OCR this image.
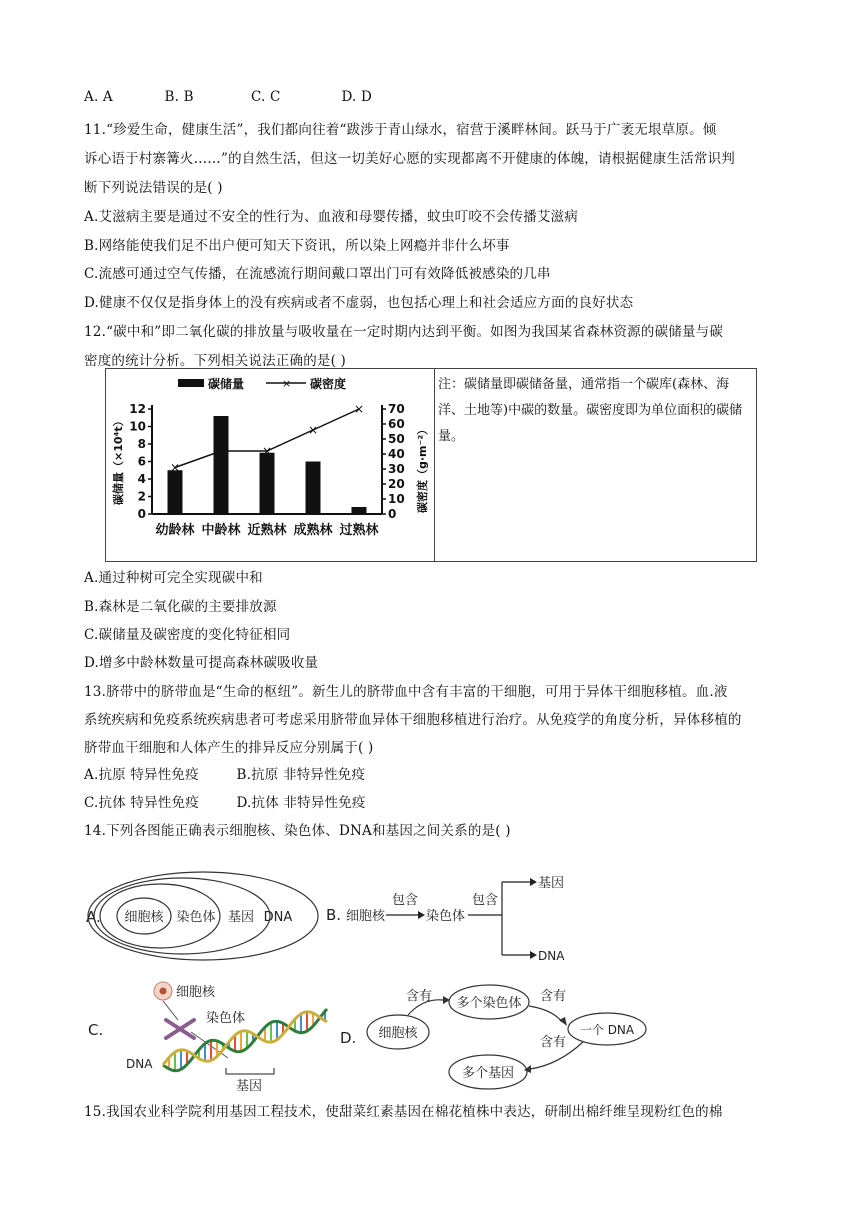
A. A	B. B	C. C	D. D
11.“珍爱生命，健康生活”，我们都向往着“跋涉于青山绿水，宿营于溪畔林间。跃马于广袤无垠草原。倾
诉心语于村寨篝火……”的自然生活，但这一切美好心愿的实现都离不开健康的体魄，请根据健康生活常识判
断下列说法错误的是( )
A.艾滋病主要是通过不安全的性行为、血液和母婴传播，蚊虫叮咬不会传播艾滋病
B.网络能使我们足不出户便可知天下资讯，所以染上网瘾并非什么坏事
C.流感可通过空气传播，在流感流行期间戴口罩出门可有效降低被感染的几串
D.健康不仅仅是指身体上的没有疾病或者不虚弱，也包括心理上和社会适应方面的良好状态
12.“碳中和”即二氧化碳的排放量与吸收量在一定时期内达到平衡。如图为我国某省森林资源的碳储量与碳
密度的统计分析。下列相关说法正确的是( )
注：碳储量即碳储备量，通常指一个碳库(森林、海洋、土地等)中碳的数量。碳密度即为单位面积的碳储量。
碳储量	× 碳密度
碳储量（×10⁴t）	碳密度（g·m⁻²）
0
2
4
6
8
10
12
0
10
20
30
40
50
60
70
×
×	×
×
×
幼龄林 中龄林 近熟林 成熟林 过熟林
A.通过种树可完全实现碳中和
B.森林是二氧化碳的主要排放源
C.碳储量及碳密度的变化特征相同
D.增多中龄林数量可提高森林碳吸收量
13.脐带中的脐带血是“生命的枢纽”。新生儿的脐带血中含有丰富的干细胞，可用于异体干细胞移植。血.液
系统疾病和免疫系统疾病患者可考虑采用脐带血异体干细胞移植进行治疗。从免疫学的角度分析，异体移植的
脐带血干细胞和人体产生的排异反应分别属于( )
A.抗原 特异性免疫	B.抗原 非特异性免疫
C.抗体 特异性免疫	D.抗体 非特异性免疫
14.下列各图能正确表示细胞核、染色体、DNA和基因之间关系的是( )
A. 细胞核 染色体 基因 DNA B. 细胞核
包含
染色体
包含
基因
DNA
C.
细胞核
染色体
DNA
基因
D. 细胞核
多个染色体
一个 DNA
多个基因
含有	含有
含有
15.我国农业科学院利用基因工程技术，使甜菜红素基因在棉花植株中表达，研制出棉纤维呈现粉红色的棉
